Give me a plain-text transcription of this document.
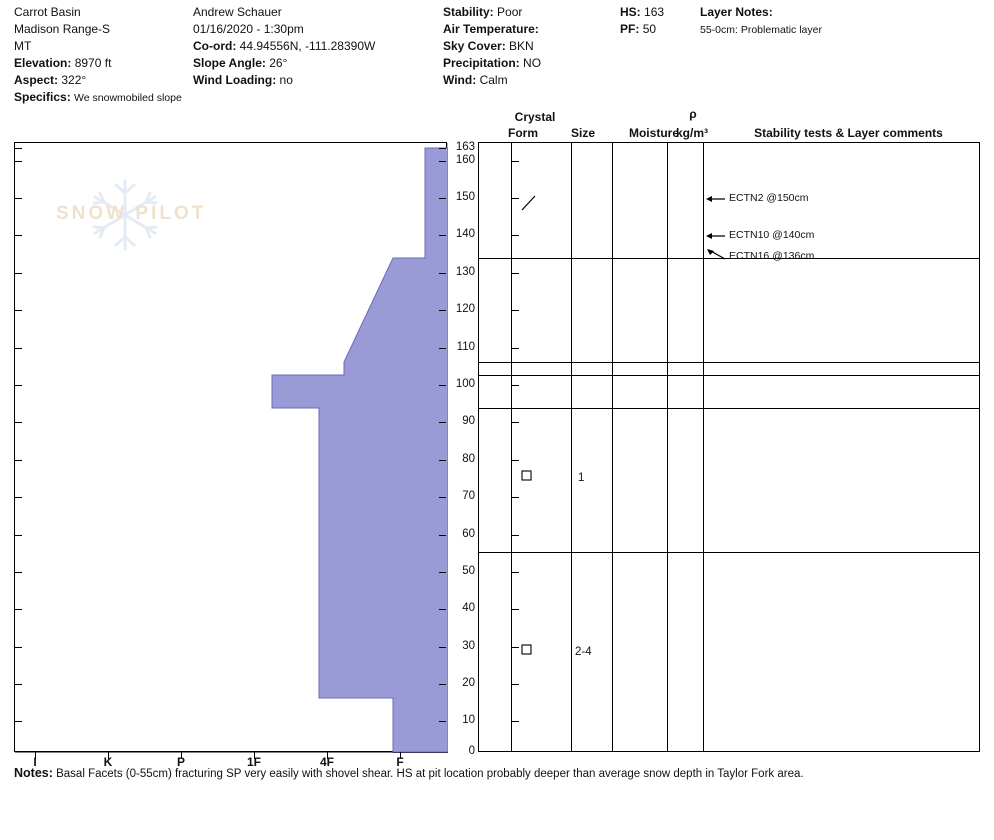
Carrot Basin
Madison Range-S
MT
Elevation: 8970 ft
Aspect: 322°
Specifics: We snowmobiled slope
Andrew Schauer
01/16/2020 - 1:30pm
Co-ord: 44.94556N, -111.28390W
Slope Angle: 26°
Wind Loading: no
Stability: Poor
Air Temperature:
Sky Cover: BKN
Precipitation: NO
Wind: Calm
HS: 163
PF: 50
Layer Notes:
55-0cm: Problematic layer
SNOW PILOT
I	K	P	1F	4F	F
163
160
150
140
130
120
110
100
90
80
70
60
50
40
30
20
10
0
Crystal
Form	Size	Moisture
ρ
kg/m³	Stability tests & Layer comments
1
2-4
ECTN2 @150cm
ECTN10 @140cm
ECTN16 @136cm
Notes: Basal Facets (0-55cm) fracturing SP very easily with shovel shear. HS at pit location probably deeper than average snow depth in Taylor Fork area.
